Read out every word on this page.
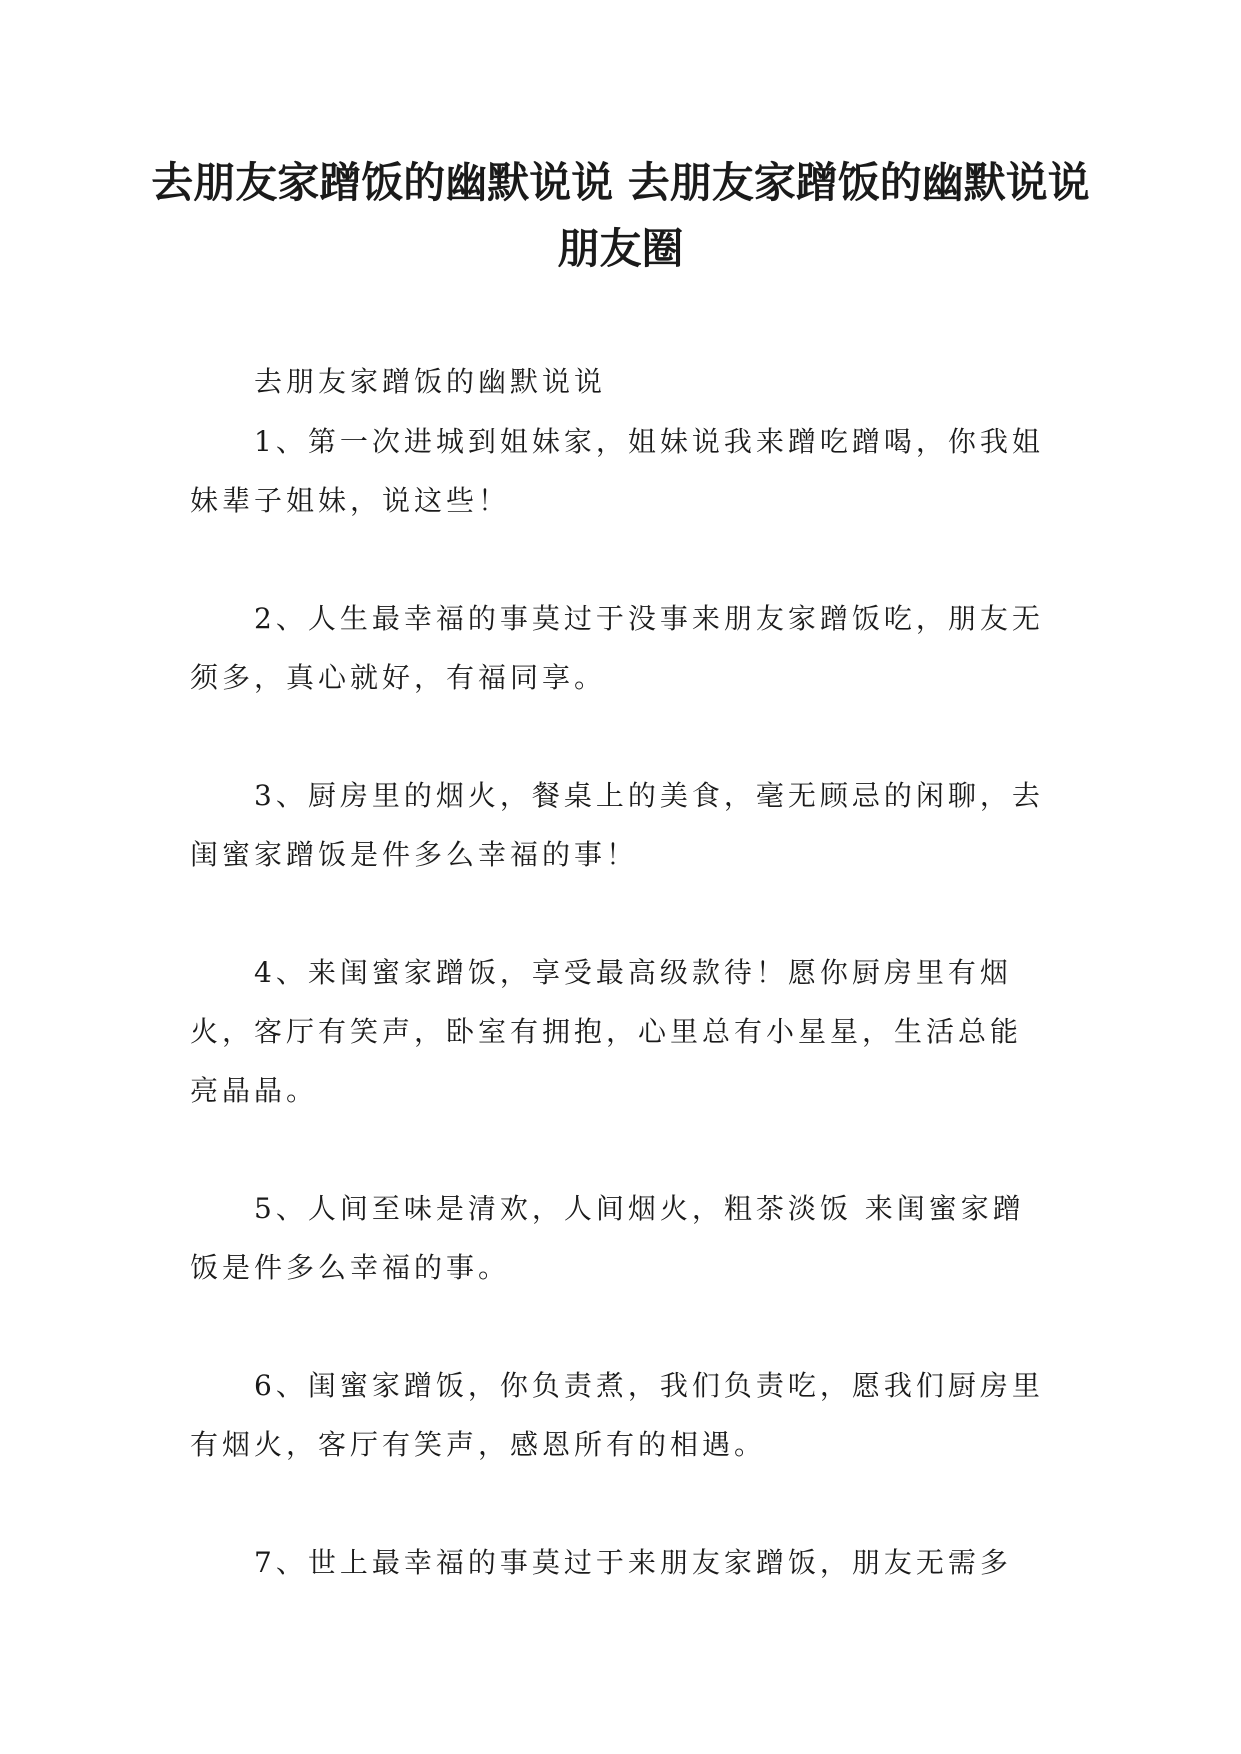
去朋友家蹭饭的幽默说说 去朋友家蹭饭的幽默说说朋友圈

去朋友家蹭饭的幽默说说

1、第一次进城到姐妹家，姐妹说我来蹭吃蹭喝，你我姐妹辈子姐妹，说这些！

2、人生最幸福的事莫过于没事来朋友家蹭饭吃，朋友无须多，真心就好，有福同享。

3、厨房里的烟火，餐桌上的美食，毫无顾忌的闲聊，去闺蜜家蹭饭是件多么幸福的事！

4、来闺蜜家蹭饭，享受最高级款待！愿你厨房里有烟火，客厅有笑声，卧室有拥抱，心里总有小星星，生活总能亮晶晶。

5、人间至味是清欢，人间烟火，粗茶淡饭 来闺蜜家蹭饭是件多么幸福的事。

6、闺蜜家蹭饭，你负责煮，我们负责吃，愿我们厨房里有烟火，客厅有笑声，感恩所有的相遇。

7、世上最幸福的事莫过于来朋友家蹭饭，朋友无需多
